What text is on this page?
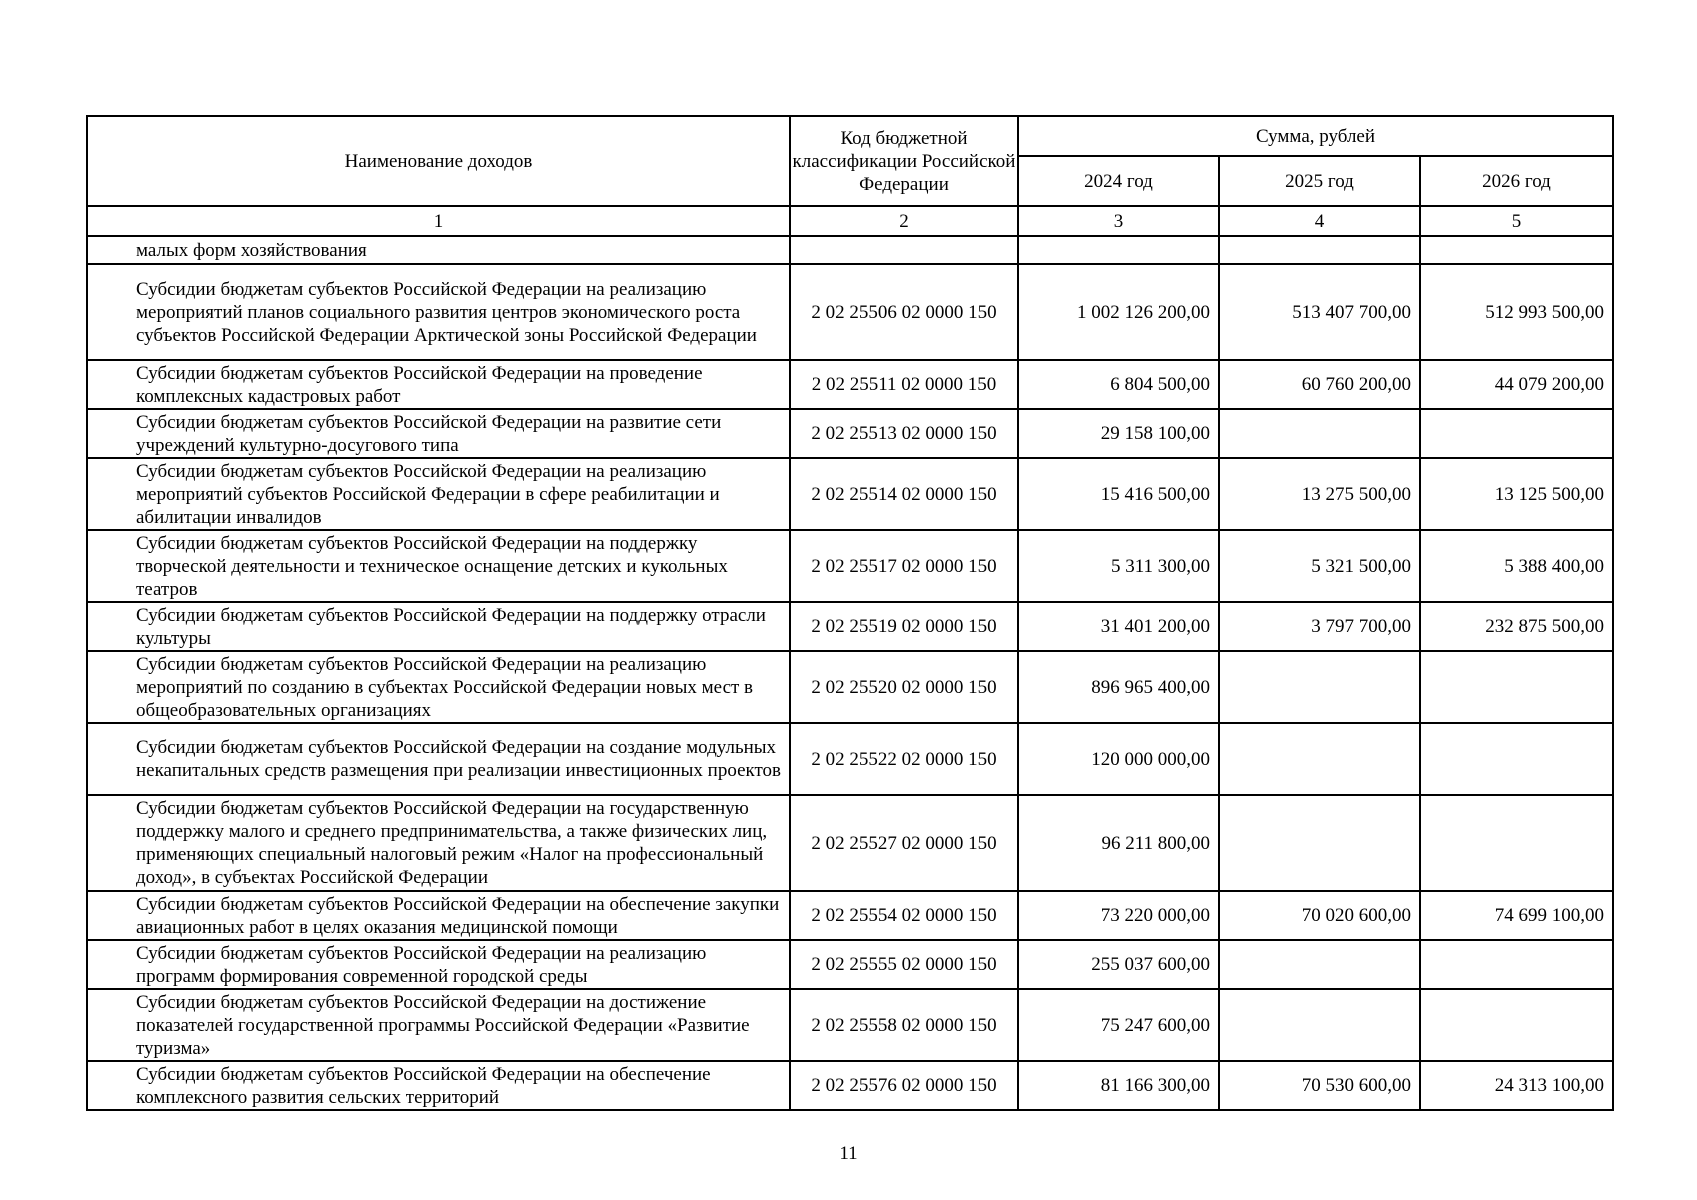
Наименование доходов	Код бюджетной классификации Российской Федерации	Сумма, рублей		
		2024 год	2025 год	2026 год
1	2	3	4	5
малых форм хозяйствования				
Субсидии бюджетам субъектов Российской Федерации на реализацию мероприятий планов социального развития центров экономического роста субъектов Российской Федерации Арктической зоны Российской Федерации	2 02 25506 02 0000 150	1 002 126 200,00	513 407 700,00	512 993 500,00
Субсидии бюджетам субъектов Российской Федерации на проведение комплексных кадастровых работ	2 02 25511 02 0000 150	6 804 500,00	60 760 200,00	44 079 200,00
Субсидии бюджетам субъектов Российской Федерации на развитие сети учреждений культурно-досугового типа	2 02 25513 02 0000 150	29 158 100,00		
Субсидии бюджетам субъектов Российской Федерации на реализацию мероприятий субъектов Российской Федерации в сфере реабилитации и абилитации инвалидов	2 02 25514 02 0000 150	15 416 500,00	13 275 500,00	13 125 500,00
Субсидии бюджетам субъектов Российской Федерации на поддержку творческой деятельности и техническое оснащение детских и кукольных театров	2 02 25517 02 0000 150	5 311 300,00	5 321 500,00	5 388 400,00
Субсидии бюджетам субъектов Российской Федерации на поддержку отрасли культуры	2 02 25519 02 0000 150	31 401 200,00	3 797 700,00	232 875 500,00
Субсидии бюджетам субъектов Российской Федерации на реализацию мероприятий по созданию в субъектах Российской Федерации новых мест в общеобразовательных организациях	2 02 25520 02 0000 150	896 965 400,00		
Субсидии бюджетам субъектов Российской Федерации на создание модульных некапитальных средств размещения при реализации инвестиционных проектов	2 02 25522 02 0000 150	120 000 000,00		
Субсидии бюджетам субъектов Российской Федерации на государственную поддержку малого и среднего предпринимательства, а также физических лиц, применяющих специальный налоговый режим «Налог на профессиональный доход», в субъектах Российской Федерации	2 02 25527 02 0000 150	96 211 800,00		
Субсидии бюджетам субъектов Российской Федерации на обеспечение закупки авиационных работ в целях оказания медицинской помощи	2 02 25554 02 0000 150	73 220 000,00	70 020 600,00	74 699 100,00
Субсидии бюджетам субъектов Российской Федерации на реализацию программ формирования современной городской среды	2 02 25555 02 0000 150	255 037 600,00		
Субсидии бюджетам субъектов Российской Федерации на достижение показателей государственной программы Российской Федерации «Развитие туризма»	2 02 25558 02 0000 150	75 247 600,00		
Субсидии бюджетам субъектов Российской Федерации на обеспечение комплексного развития сельских территорий	2 02 25576 02 0000 150	81 166 300,00	70 530 600,00	24 313 100,00
11
